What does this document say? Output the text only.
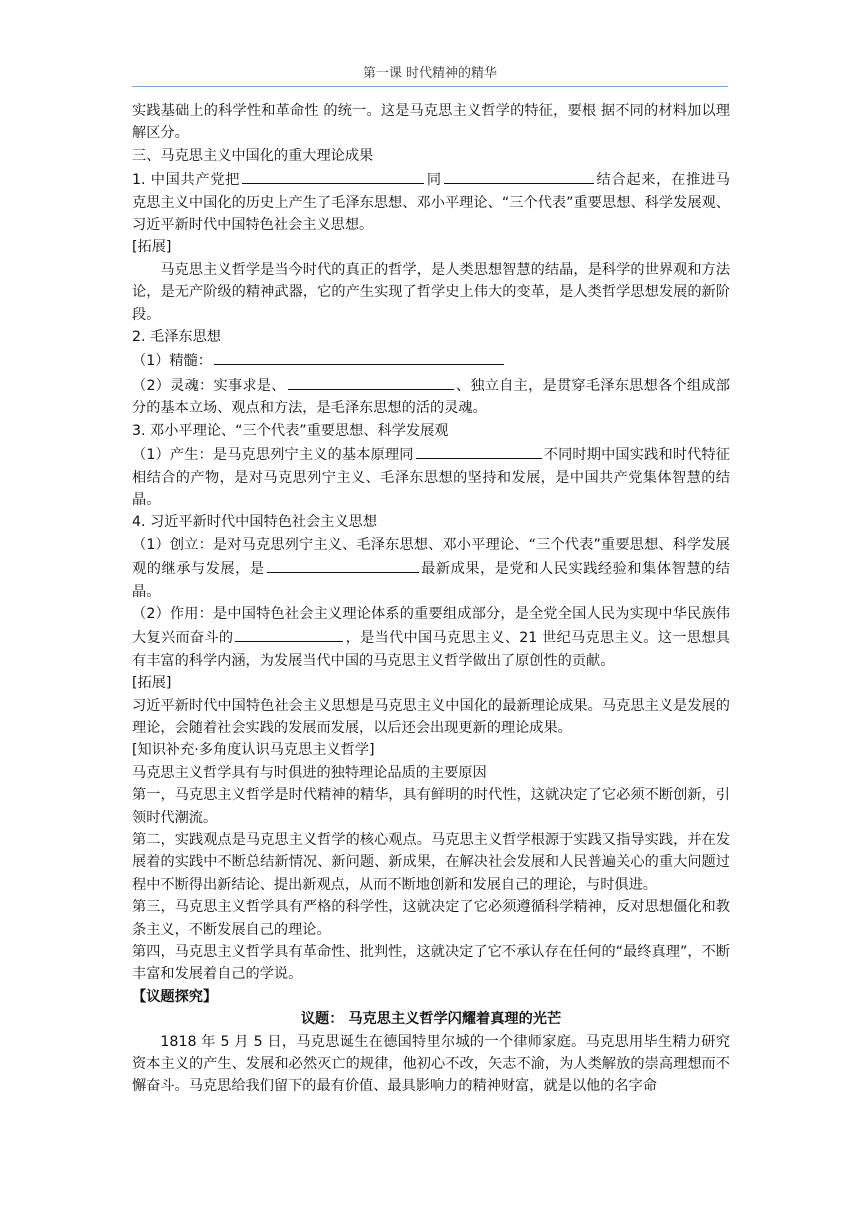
第一课 时代精神的精华

实践基础上的科学性和革命性 的统一。这是马克思主义哲学的特征，要根 据不同的材料加以理解区分。

三、马克思主义中国化的重大理论成果

1. 中国共产党把	同	结合起来，在推进马克思主义中国化的历史上产生了毛泽东思想、邓小平理论、“三个代表”重要思想、科学发展观、习近平新时代中国特色社会主义思想。

[拓展]

马克思主义哲学是当今时代的真正的哲学，是人类思想智慧的结晶，是科学的世界观和方法论，是无产阶级的精神武器，它的产生实现了哲学史上伟大的变革，是人类哲学思想发展的新阶段。

2. 毛泽东思想

（1）精髓：

（2）灵魂：实事求是、	、独立自主，是贯穿毛泽东思想各个组成部分的基本立场、观点和方法，是毛泽东思想的活的灵魂。

3. 邓小平理论、“三个代表”重要思想、科学发展观

（1）产生：是马克思列宁主义的基本原理同	不同时期中国实践和时代特征相结合的产物，是对马克思列宁主义、毛泽东思想的坚持和发展，是中国共产党集体智慧的结晶。

4. 习近平新时代中国特色社会主义思想

（1）创立：是对马克思列宁主义、毛泽东思想、邓小平理论、“三个代表”重要思想、科学发展观的继承与发展，是	最新成果，是党和人民实践经验和集体智慧的结晶。

（2）作用：是中国特色社会主义理论体系的重要组成部分，是全党全国人民为实现中华民族伟大复兴而奋斗的	，是当代中国马克思主义、21 世纪马克思主义。这一思想具有丰富的科学内涵，为发展当代中国的马克思主义哲学做出了原创性的贡献。

[拓展]

习近平新时代中国特色社会主义思想是马克思主义中国化的最新理论成果。马克思主义是发展的理论，会随着社会实践的发展而发展，以后还会出现更新的理论成果。

[知识补充·多角度认识马克思主义哲学]

马克思主义哲学具有与时俱进的独特理论品质的主要原因

第一，马克思主义哲学是时代精神的精华，具有鲜明的时代性，这就决定了它必须不断创新，引领时代潮流。

第二，实践观点是马克思主义哲学的核心观点。马克思主义哲学根源于实践又指导实践，并在发展着的实践中不断总结新情况、新问题、新成果，在解决社会发展和人民普遍关心的重大问题过程中不断得出新结论、提出新观点，从而不断地创新和发展自己的理论，与时俱进。

第三，马克思主义哲学具有严格的科学性，这就决定了它必须遵循科学精神，反对思想僵化和教条主义，不断发展自己的理论。

第四，马克思主义哲学具有革命性、批判性，这就决定了它不承认存在任何的“最终真理”，不断丰富和发展着自己的学说。

【议题探究】

议题： 马克思主义哲学闪耀着真理的光芒

1818 年 5 月 5 日，马克思诞生在德国特里尔城的一个律师家庭。马克思用毕生精力研究资本主义的产生、发展和必然灭亡的规律，他初心不改，矢志不渝，为人类解放的崇高理想而不懈奋斗。马克思给我们留下的最有价值、最具影响力的精神财富，就是以他的名字命
